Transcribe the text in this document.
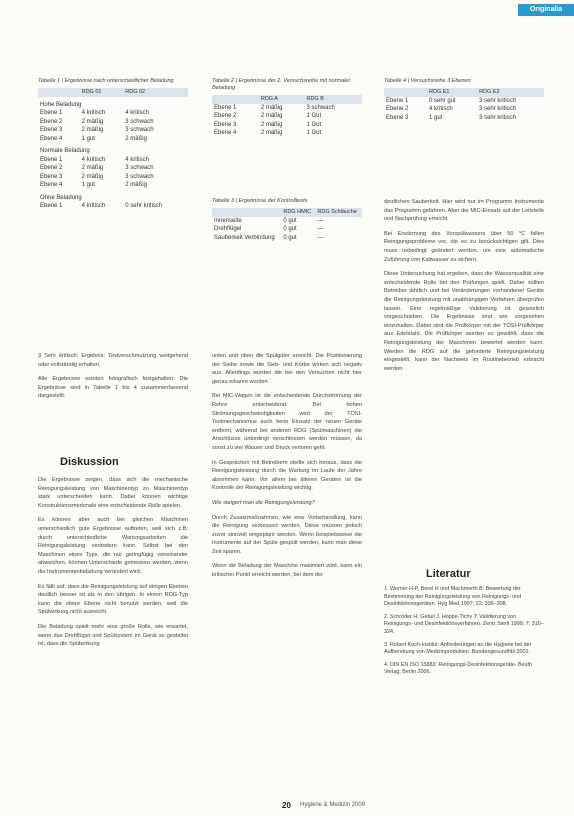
Originalia
Tabelle 1 | Ergebnisse nach unterschiedlicher Beladung
	RDG 01	RDG 02
Hohe Beladung		
Ebene 1	4 kritisch	4 kritisch
Ebene 2	2 mäßig	3 schwach
Ebene 3	2 mäßig	3 schwach
Ebene 4	1 gut	2 mäßig
Normale Beladung		
Ebene 1	4 kritisch	4 kritisch
Ebene 2	2 mäßig	3 schwach
Ebene 3	2 mäßig	3 schwach
Ebene 4	1 gut	2 mäßig
Ohne Beladung		
Ebene 1	4 kritisch	0 sehr kritisch
Tabelle 2 | Ergebnisse der 2. Versuchsreihe mit normaler Beladung
	RDG A	RDG B
Ebene 1	2 mäßig	3 schwach
Ebene 2	2 mäßig	1 Gut
Ebene 3	2 mäßig	1 Gut
Ebene 4	2 mäßig	1 Gut
Tabelle 3 | Ergebnisse der Kontrolltests
	RDG HMIC	RDG Schläuche
Innenseite	0 gut	—
Drehflügel	0 gut	—
Sauberkeit Verbindung	0 gut	—
Tabelle 4 | Versuchsreihe 3 Ebenen
	RDG E1	RDG E2
Ebene 1	0 sehr gut	3 sehr kritisch
Ebene 2	4 kritisch	3 sehr kritisch
Ebene 3	1 gut	3 sehr kritisch

3 Sehr kritisch: Ergebnis: Testverschmutzung weitgehend oder vollständig erhalten.

Alle Ergebnisse wurden fotografisch festgehalten. Die Ergebnisse sind in Tabelle 1 bis 4 zusammenfassend dargestellt.

Diskussion

Die Ergebnisse zeigen, dass sich die mechanische Reinigungsleistung von Maschinentyp zu Maschinentyp stark unterscheiden kann. Dabei können wichtige Konstruktionsmerkmale eine entscheidende Rolle spielen.

Es können aber auch bei gleichen Maschinen unterschiedlich gute Ergebnisse auftreten, weil sich z.B. durch unterschiedliche Wartungsarbeiten die Reinigungsleistung verändern kann. Selbst bei den Maschinen eines Typs, die nur geringfügig voneinander abweichen, können Unterschiede gemessen werden, wenn die Instrumentenbeladung verändert wird.

Es fällt auf, dass die Reinigungsleistung auf einigen Ebenen deutlich besser ist als in den übrigen. In einem RDG-Typ kann die obere Ebene nicht benutzt werden, weil die Spülwirkung nicht ausreicht.

Die Beladung spielt mehr eine große Rolle, wie erwartet, wenn das Drehflügel und Spülsystem im Gerät so gestaltet ist, dass die Spülwirkung

unten und oben die Spülgüter erreicht. Die Positionierung der Siebe sowie die Sieb- und Körbe wirken sich negativ aus. Allerdings wurden die bei den Versuchen nicht hier genau erkannt worden.

Bei MIC-Wagen ist die entscheidende Durchströmung der Rohre entscheidend. Bei hohen Strömungsgeschwindigkeiten wird der TOSI-Testmechanismus auch beim Einsatz der neuen Geräte entfernt, während bei anderen RDG (Spülmaschinen) die Anschlüsse unbedingt verschlossen werden müssen, da sonst zu viel Wasser und Druck verloren geht.

In Gesprächen mit Betreibern stellte sich heraus, dass die Reinigungsleistung durch die Wartung im Laufe der Jahre abnehmen kann. Vor allem bei älteren Geräten ist die Kontrolle der Reinigungsleistung wichtig.

Wie steigert man die Reinigungsleistung?

Durch Zusatzmaßnahmen, wie eine Vorbehandlung, kann die Reinigung verbessert werden. Diese müssen jedoch zuvor sinnvoll eingeplant werden. Wenn beispielsweise die Instrumente auf der Spüle gespült werden, kann man diese Zeit sparen.

Wenn die Beladung der Maschine maximiert wird, kann ein kritischer Punkt erreicht werden, bei dem der

deutlichen Sauberkeit. Hier wird nur im Programm Instrumente das Programm gefahren. Aber die MIC-Einsatz auf der Leitstelle und Nachprüfung erreicht.

Bei Erwärmung des Vorspülwassers über 50 °C fallen Reinigungsprobleme vor, die es zu berücksichtigen gilt. Dies muss unbedingt geändert werden, um eine automatische Zuführung von Kaltwasser zu sichern.

Diese Untersuchung hat ergeben, dass die Wasserqualität eine entscheidende Rolle bei den Prüfungen spielt. Daher sollten Betreiber jährlich und bei Veränderungen vorhandener Geräte die Reinigungsleistung mit unabhängigen Verfahren überprüfen lassen. Eine regelmäßige Validierung ist gesetzlich vorgeschrieben. Die Ergebnisse sind wie vorgesehen einzuhalten. Dabei sind die Prüfkörper mit der TOSI-Prüfkörper aus Edelstahl. Die Prüfkörper wurden so gewählt, dass die Reinigungsleistung der Maschinen bewertet werden kann. Werden die RDG auf die geforderte Reinigungsleistung eingestellt, kann der Nachweis im Routinebetrieb erbracht werden.

Literatur
1. Werner H-P, Borel H und Machmerth B: Bewertung der Bestimmung der Reinigungsleistung von Reinigungs- und Desinfektionsgeräten. Hyg Med 1997; 22: 306–308.
2. Schröder H, Gebel J, Hoppe-Tichy T: Validierung von Reinigungs- und Desinfektionsverfahren. Zentr Steril 1999; 7: 315–324.
3. Robert Koch-Institut: Anforderungen an die Hygiene bei der Aufbereitung von Medizinprodukten. Bundesgesundhbl 2001.
4. DIN EN ISO 15883: Reinigungs-Desinfektionsgeräte. Beuth Verlag, Berlin 2006.
20 Hygiene & Medizin 2009
